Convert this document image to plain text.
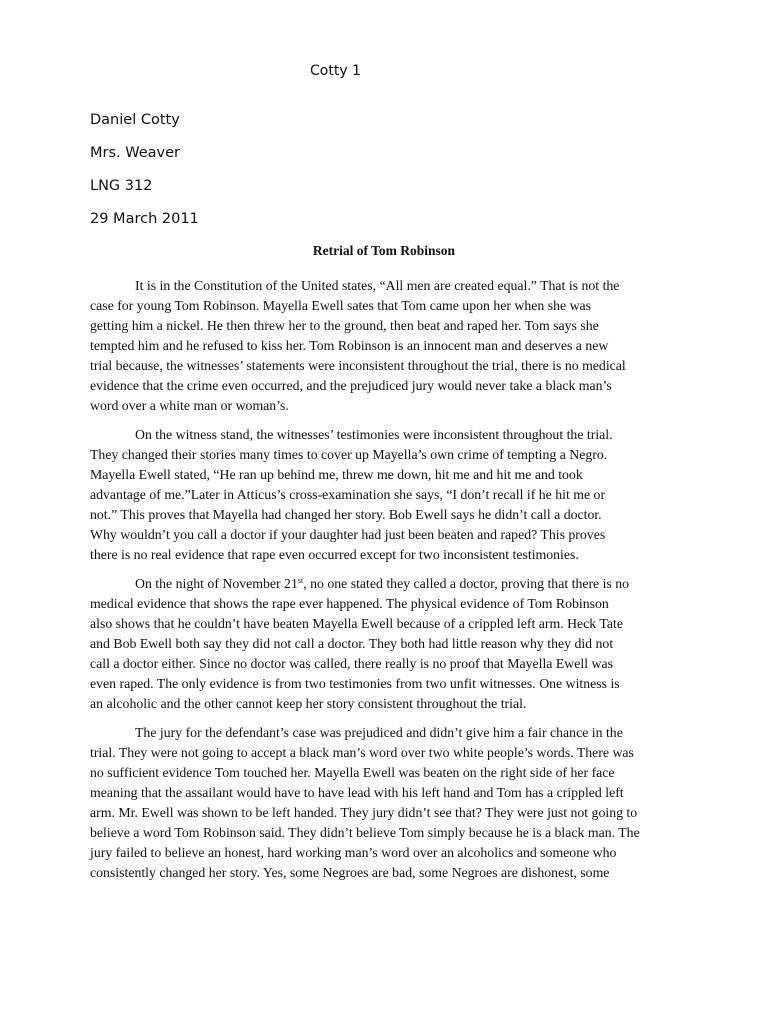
Cotty 1

Daniel Cotty
Mrs. Weaver
LNG 312
29 March 2011

Retrial of Tom Robinson

It is in the Constitution of the United states, “All men are created equal.” That is not the
case for young Tom Robinson. Mayella Ewell sates that Tom came upon her when she was
getting him a nickel. He then threw her to the ground, then beat and raped her. Tom says she
tempted him and he refused to kiss her. Tom Robinson is an innocent man and deserves a new
trial because, the witnesses’ statements were inconsistent throughout the trial, there is no medical
evidence that the crime even occurred, and the prejudiced jury would never take a black man’s
word over a white man or woman’s.
On the witness stand, the witnesses’ testimonies were inconsistent throughout the trial.
They changed their stories many times to cover up Mayella’s own crime of tempting a Negro.
Mayella Ewell stated, “He ran up behind me, threw me down, hit me and hit me and took
advantage of me.”Later in Atticus’s cross-examination she says, “I don’t recall if he hit me or
not.” This proves that Mayella had changed her story. Bob Ewell says he didn’t call a doctor.
Why wouldn’t you call a doctor if your daughter had just been beaten and raped? This proves
there is no real evidence that rape even occurred except for two inconsistent testimonies.
On the night of November 21st, no one stated they called a doctor, proving that there is no
medical evidence that shows the rape ever happened. The physical evidence of Tom Robinson
also shows that he couldn’t have beaten Mayella Ewell because of a crippled left arm. Heck Tate
and Bob Ewell both say they did not call a doctor. They both had little reason why they did not
call a doctor either. Since no doctor was called, there really is no proof that Mayella Ewell was
even raped. The only evidence is from two testimonies from two unfit witnesses. One witness is
an alcoholic and the other cannot keep her story consistent throughout the trial.
The jury for the defendant’s case was prejudiced and didn’t give him a fair chance in the
trial. They were not going to accept a black man’s word over two white people’s words. There was
no sufficient evidence Tom touched her. Mayella Ewell was beaten on the right side of her face
meaning that the assailant would have to have lead with his left hand and Tom has a crippled left
arm. Mr. Ewell was shown to be left handed. They jury didn’t see that? They were just not going to
believe a word Tom Robinson said. They didn’t believe Tom simply because he is a black man. The
jury failed to believe an honest, hard working man’s word over an alcoholics and someone who
consistently changed her story. Yes, some Negroes are bad, some Negroes are dishonest, some
